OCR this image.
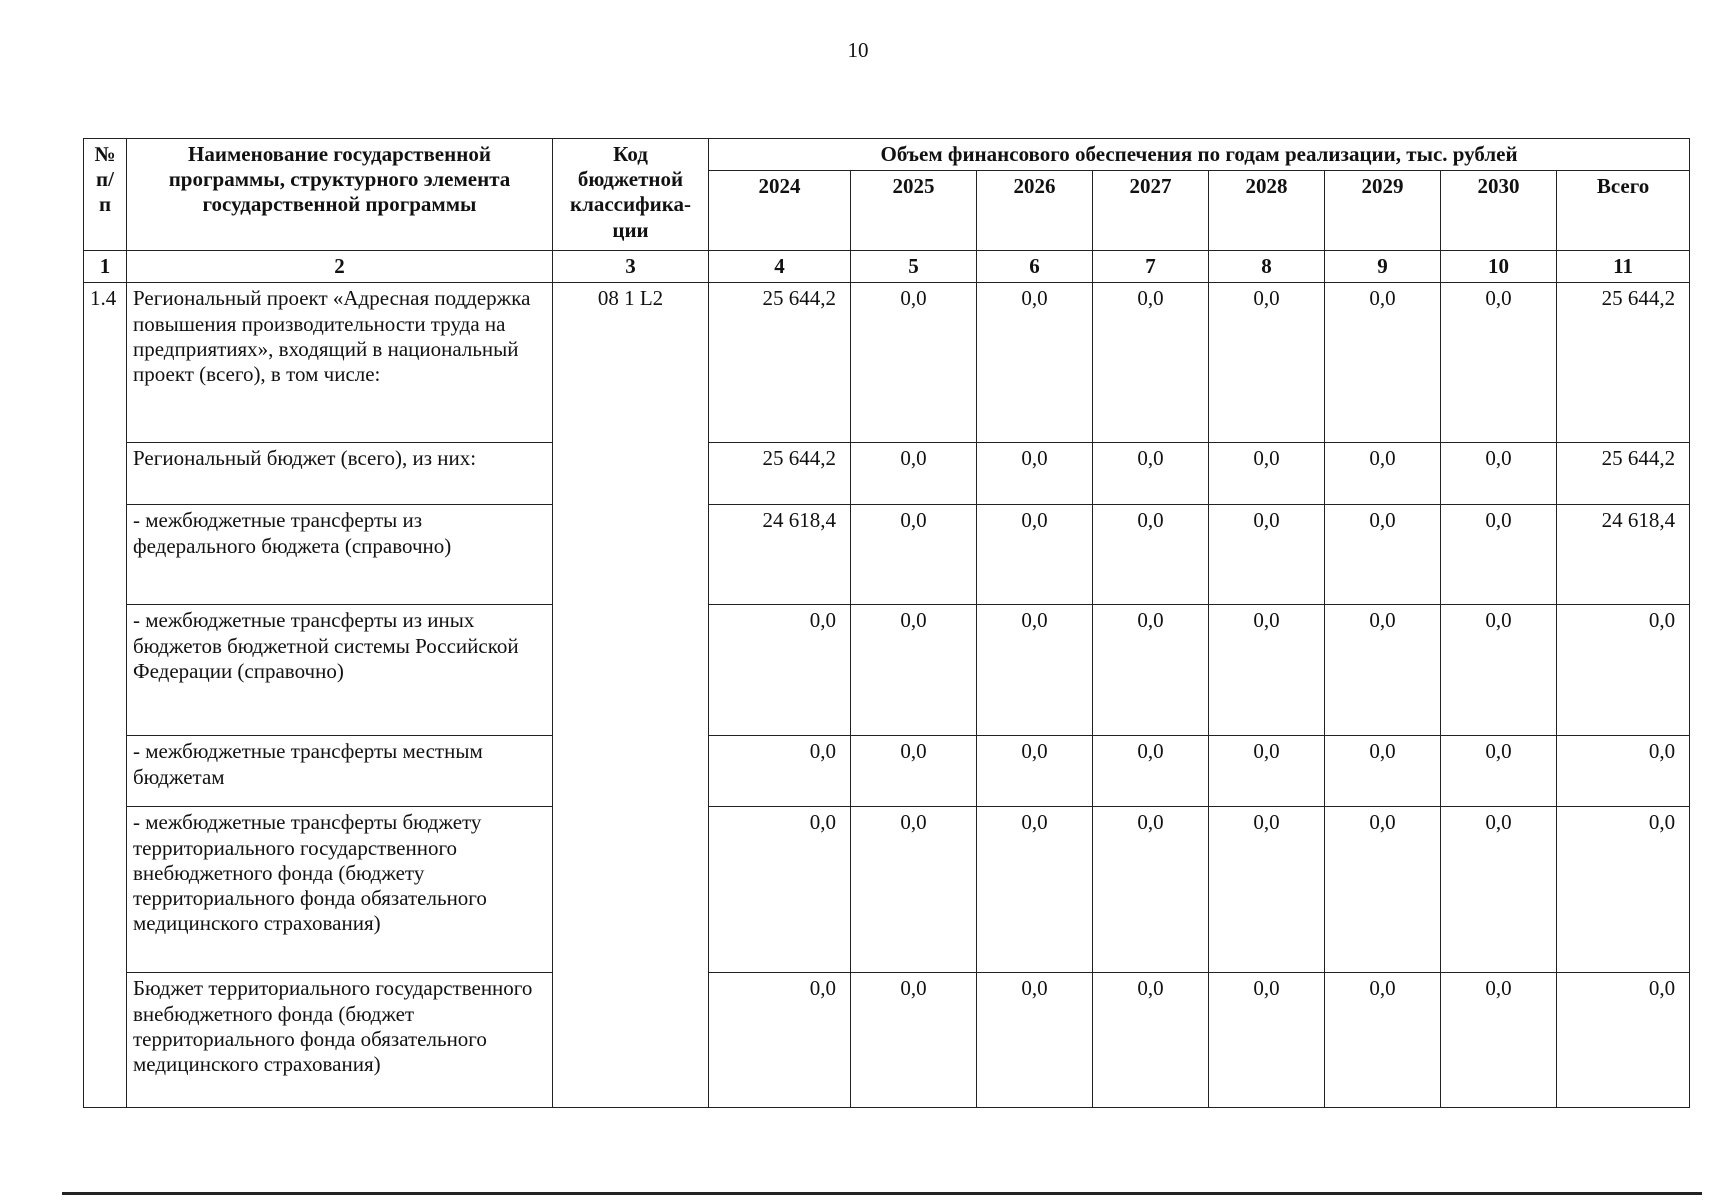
10
№ п/п	Наименование государственной программы, структурного элемента государственной программы	Код бюджетной классифика-ции	Объем финансового обеспечения по годам реализации, тыс. рублей							
			2024	2025	2026	2027	2028	2029	2030	Всего
1	2	3	4	5	6	7	8	9	10	11
1.4	Региональный проект «Адресная поддержка повышения производительности труда на предприятиях», входящий в национальный проект (всего), в том числе:	08 1 L2	25 644,2	0,0	0,0	0,0	0,0	0,0	0,0	25 644,2
	Региональный бюджет (всего), из них:		25 644,2	0,0	0,0	0,0	0,0	0,0	0,0	25 644,2
	- межбюджетные трансферты из федерального бюджета (справочно)		24 618,4	0,0	0,0	0,0	0,0	0,0	0,0	24 618,4
	- межбюджетные трансферты из иных бюджетов бюджетной системы Российской Федерации (справочно)		0,0	0,0	0,0	0,0	0,0	0,0	0,0	0,0
	- межбюджетные трансферты местным бюджетам		0,0	0,0	0,0	0,0	0,0	0,0	0,0	0,0
	- межбюджетные трансферты бюджету территориального государственного внебюджетного фонда (бюджету территориального фонда обязательного медицинского страхования)		0,0	0,0	0,0	0,0	0,0	0,0	0,0	0,0
	Бюджет территориального государственного внебюджетного фонда (бюджет территориального фонда обязательного медицинского страхования)		0,0	0,0	0,0	0,0	0,0	0,0	0,0	0,0
